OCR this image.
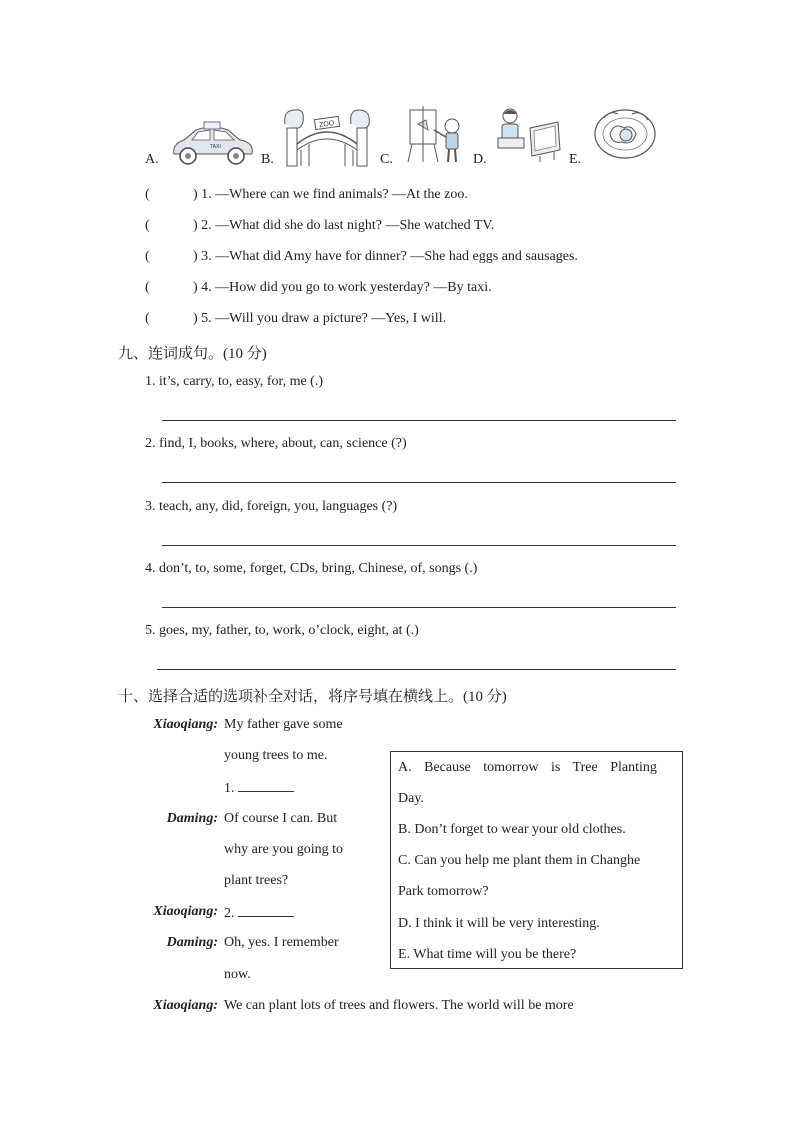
A.
TAXI
B.
ZOO
C.	D.	E.
(	) 1. —Where can we find animals? —At the zoo.
(	) 2. —What did she do last night? —She watched TV.
(	) 3. —What did Amy have for dinner? —She had eggs and sausages.
(	) 4. —How did you go to work yesterday? —By taxi.
(	) 5. —Will you draw a picture? —Yes, I will.
九、连词成句。(10 分)
1. it’s, carry, to, easy, for, me (.)
2. find, I, books, where, about, can, science (?)
3. teach, any, did, foreign, you, languages (?)
4. don’t, to, some, forget, CDs, bring, Chinese, of, songs (.)
5. goes, my, father, to, work, o’clock, eight, at (.)
十、选择合适的选项补全对话，将序号填在横线上。(10 分)
Xiaoqiang: My father gave some
young trees to me.
1.
Daming: Of course I can. But
why are you going to
plant trees?
Xiaoqiang: 2.
Daming: Oh, yes. I remember
now.
Xiaoqiang: We can plant lots of trees and flowers. The world will be more
A. Because tomorrow is Tree Planting
Day.
B. Don’t forget to wear your old clothes.
C. Can you help me plant them in Changhe
Park tomorrow?
D. I think it will be very interesting.
E. What time will you be there?
